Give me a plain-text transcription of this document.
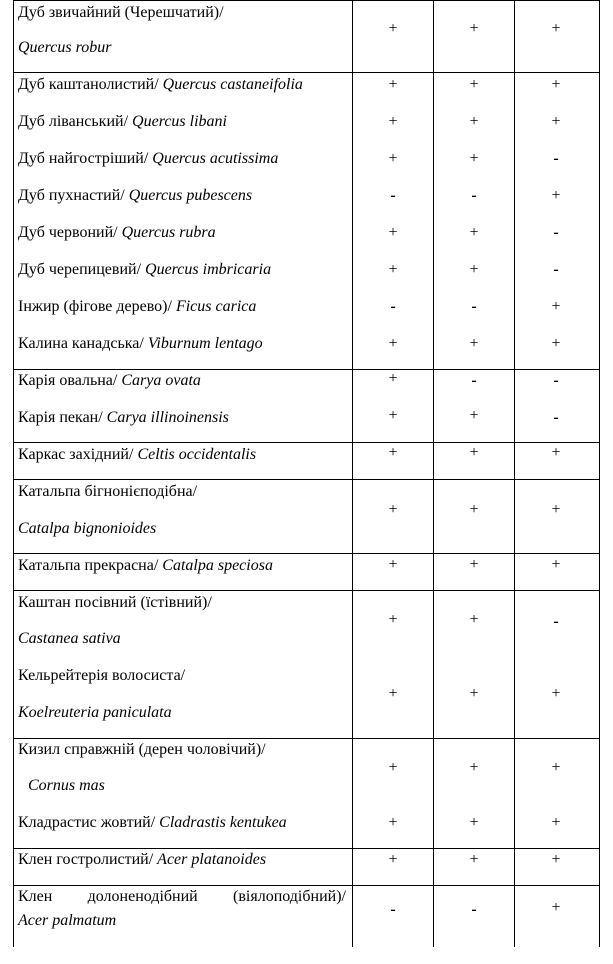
Дуб звичайний (Черешчатий)/
Quercus robur
+	+	+
Дуб каштанолистий/ Quercus castaneifolia	+	+	+
Дуб ліванський/ Quercus libani	+	+	+
Дуб найгостріший/ Quercus acutissima	+	+	-
Дуб пухнастий/ Quercus pubescens	-	-	+
Дуб червоний/ Quercus rubra	+	+	-
Дуб черепицевий/ Quercus imbricaria	+	+	-
Інжир (фігове дерево)/ Ficus carica	-	-	+
Калина канадська/ Viburnum lentago	+	+	+
Карія овальна/ Carya ovata	+	-	-
Карія пекан/ Carya illinoinensis	+	+	-
Каркас західний/ Celtis occidentalis	+	+	+
Катальпа бігнонієподібна/
Catalpa bignonioides
+	+	+
Катальпа прекрасна/ Catalpa speciosa	+	+	+
Каштан посівний (їстівний)/
Castanea sativa
+	+	-
Кельрейтерія волосиста/
Koelreuteria paniculata
+	+	+
Кизил справжній (дерен чоловічий)/
Cornus mas
+	+	+
Кладрастис жовтий/ Cladrastis kentukea	+	+	+
Клен гостролистий/ Acer platanoides	+	+	+
Клен долоненодібний (віялоподібний)/
Acer palmatum
-	-	+
